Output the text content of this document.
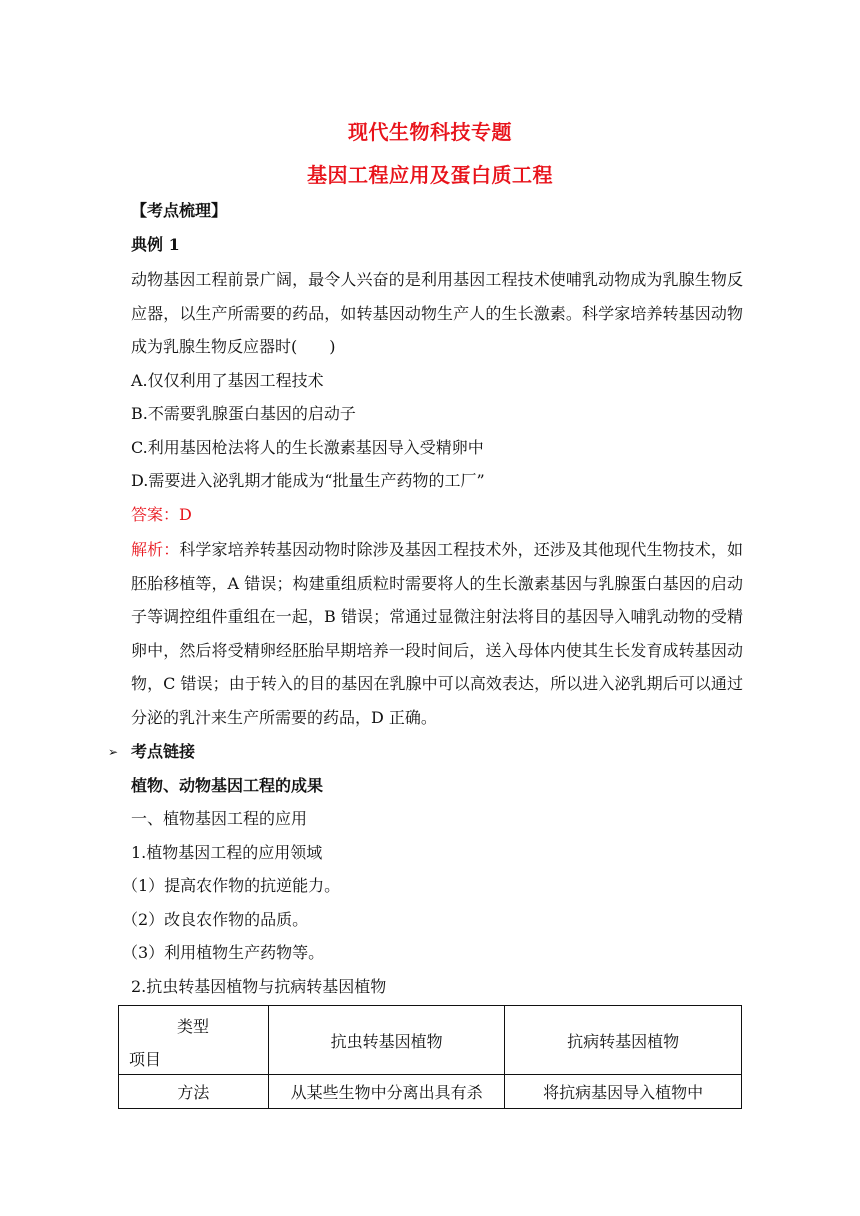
现代生物科技专题
基因工程应用及蛋白质工程
【考点梳理】
典例 1
动物基因工程前景广阔，最令人兴奋的是利用基因工程技术使哺乳动物成为乳腺生物反应器，以生产所需要的药品，如转基因动物生产人的生长激素。科学家培养转基因动物成为乳腺生物反应器时(　　)
A.仅仅利用了基因工程技术
B.不需要乳腺蛋白基因的启动子
C.利用基因枪法将人的生长激素基因导入受精卵中
D.需要进入泌乳期才能成为“批量生产药物的工厂”
答案：D
解析：科学家培养转基因动物时除涉及基因工程技术外，还涉及其他现代生物技术，如胚胎移植等，A 错误；构建重组质粒时需要将人的生长激素基因与乳腺蛋白基因的启动子等调控组件重组在一起，B 错误；常通过显微注射法将目的基因导入哺乳动物的受精卵中，然后将受精卵经胚胎早期培养一段时间后，送入母体内使其生长发育成转基因动物，C 错误；由于转入的目的基因在乳腺中可以高效表达，所以进入泌乳期后可以通过分泌的乳汁来生产所需要的药品，D 正确。
➢ 考点链接
植物、动物基因工程的成果
一、植物基因工程的应用
1.植物基因工程的应用领域
（1）提高农作物的抗逆能力。
（2）改良农作物的品质。
（3）利用植物生产药物等。
2.抗虫转基因植物与抗病转基因植物
类型
项目	抗虫转基因植物	抗病转基因植物
方法	从某些生物中分离出具有杀	将抗病基因导入植物中
